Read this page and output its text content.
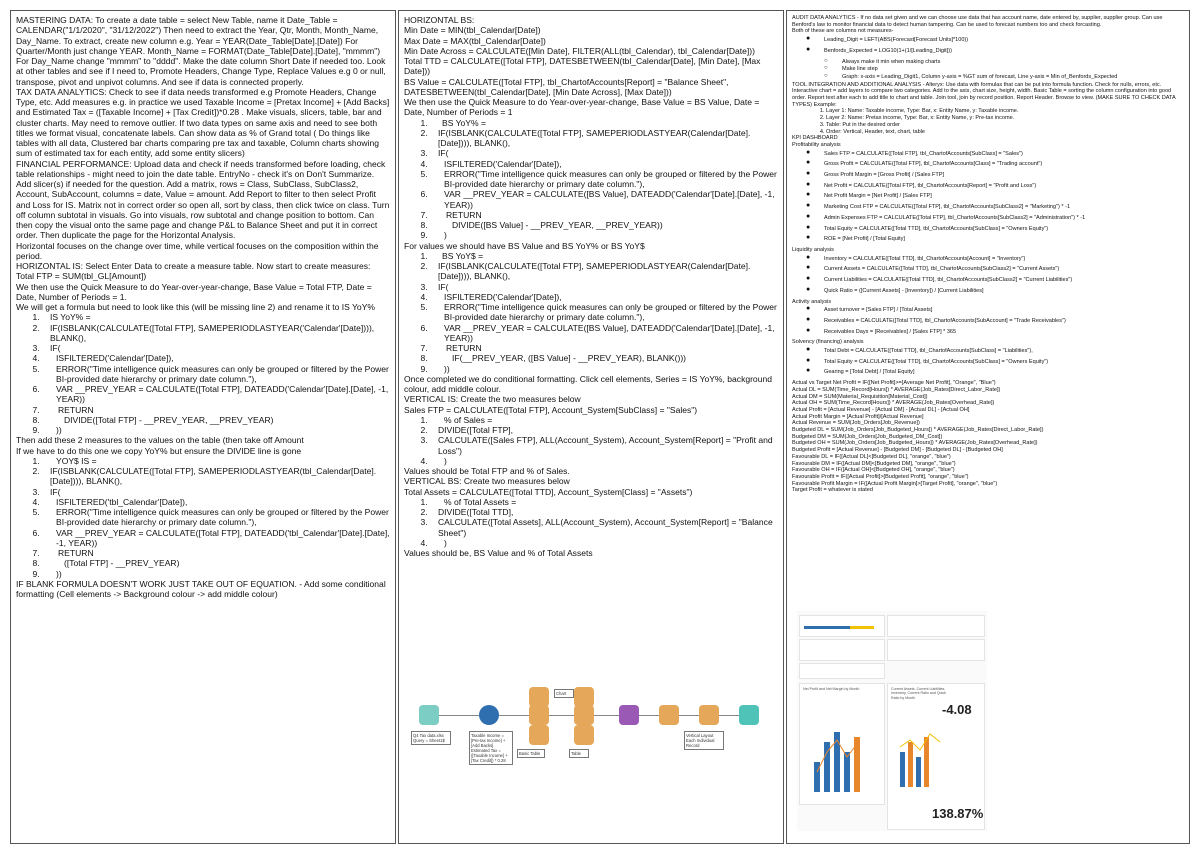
MASTERING DATA: To create a date table = select New Table, name it Date_Table = CALENDAR("1/1/2020", "31/12/2022") Then need to extract the Year, Qtr, Month, Month_Name, Day_Name. To extract, create new column e.g. Year = YEAR(Date_Table[Date].[Date]) For Quarter/Month just change YEAR. Month_Name = FORMAT(Date_Table[Date].[Date], "mmmm")

For Day_Name change "mmmm" to "dddd". Make the date column Short Date if needed too. Look at other tables and see if I need to, Promote Headers, Change Type, Replace Values e.g 0 or null, transpose, pivot and unpivot columns. And see if data is connected properly.

TAX DATA ANALYTICS: Check to see if data needs transformed e.g Promote Headers, Change Type, etc. Add measures e.g. in practice we used Taxable Income = [Pretax Income] + [Add Backs] and Estimated Tax = ([Taxable Income] + [Tax Credit])*0.28 . Make visuals, slicers, table, bar and cluster charts. May need to remove outlier. If two data types on same axis and need to see both titles we format visual, concatenate labels. Can show data as % of Grand total ( Do things like tables with all data, Clustered bar charts comparing pre tax and taxable, Column charts showing sum of estimated tax for each entity, add some entity slicers)

FINANCIAL PERFORMANCE: Upload data and check if needs transformed before loading, check table relationships - might need to join the date table. EntryNo - check it's on Don't Summarize. Add slicer(s) if needed for the question. Add a matrix, rows = Class, SubClass, SubClass2, Account, SubAccount, columns = date, Value = amount. Add Report to filter to then select Profit and Loss for IS. Matrix not in correct order so open all, sort by class, then click twice on class. Turn off column subtotal in visuals. Go into visuals, row subtotal and change position to bottom. Can then copy the visual onto the same page and change P&L to Balance Sheet and put it in correct order. Then duplicate the page for the Horizontal Analysis.

Horizontal focuses on the change over time, while vertical focuses on the composition within the period.

HORIZONTAL IS: Select Enter Data to create a measure table. Now start to create measures:

Total FTP = SUM(tbl_GL[Amount])

We then use the Quick Measure to do Year-over-year-change, Base Value = Total FTP, Date = Date, Number of Periods = 1.

We will get a formula but need to look like this (will be missing line 2) and rename it to IS YoY%

1. IS YoY% =
2. IF(ISBLANK(CALCULATE([Total FTP], SAMEPERIODLASTYEAR('Calendar'[Date]))), BLANK(),
3. IF(
4. ISFILTERED('Calendar'[Date]),
5. ERROR("Time intelligence quick measures can only be grouped or filtered by the Power BI-provided date hierarchy or primary date column."),
6. VAR __PREV_YEAR = CALCULATE([Total FTP], DATEADD('Calendar'[Date].[Date], -1, YEAR))
7. RETURN
8. DIVIDE([Total FTP] - __PREV_YEAR, __PREV_YEAR)
9. ))

Then add these 2 measures to the values on the table (then take off Amount

If we have to do this one we copy YoY% but ensure the DIVIDE line is gone

1. YOY$ IS =
2. IF(ISBLANK(CALCULATE([Total FTP], SAMEPERIODLASTYEAR(tbl_Calendar[Date].[Date]))), BLANK(),
3. IF(
4. ISFILTERED('tbl_Calendar'[Date]),
5. ERROR("Time intelligence quick measures can only be grouped or filtered by the Power BI-provided date hierarchy or primary date column."),
6. VAR __PREV_YEAR = CALCULATE([Total FTP], DATEADD('tbl_Calendar'[Date].[Date], -1, YEAR))
7. RETURN
8. ([Total FTP] - __PREV_YEAR)
9. ))

IF BLANK FORMULA DOESN'T WORK JUST TAKE OUT OF EQUATION. - Add some conditional formatting (Cell elements -> Background colour -> add middle colour)

HORIZONTAL BS:

Min Date = MIN(tbl_Calendar[Date])

Max Date = MAX(tbl_Calendar[Date])

Min Date Across = CALCULATE([Min Date], FILTER(ALL(tbl_Calendar), tbl_Calendar[Date]))

Total TTD = CALCULATE([Total FTP], DATESBETWEEN(tbl_Calendar[Date], [Min Date], [Max Date]))

BS Value = CALCULATE([Total FTP], tbl_ChartofAccounts[Report] = "Balance Sheet", DATESBETWEEN(tbl_Calendar[Date], [Min Date Across], [Max Date]))

We then use the Quick Measure to do Year-over-year-change, Base Value = BS Value, Date = Date, Number of Periods = 1

1. BS YoY% =
2. IF(ISBLANK(CALCULATE([Total FTP], SAMEPERIODLASTYEAR(Calendar[Date].[Date]))), BLANK(),
3. IF(
4. ISFILTERED('Calendar'[Date]),
5. ERROR("Time intelligence quick measures can only be grouped or filtered by the Power BI-provided date hierarchy or primary date column."),
6. VAR __PREV_YEAR = CALCULATE([BS Value], DATEADD('Calendar'[Date].[Date], -1, YEAR))
7. RETURN
8. DIVIDE([BS Value] - __PREV_YEAR, __PREV_YEAR))
9. )

For values we should have BS Value and BS YoY% or BS YoY$

1. BS YoY$ =
2. IF(ISBLANK(CALCULATE([Total FTP], SAMEPERIODLASTYEAR(Calendar[Date].[Date]))), BLANK(),
3. IF(
4. ISFILTERED('Calendar'[Date]),
5. ERROR("Time intelligence quick measures can only be grouped or filtered by the Power BI-provided date hierarchy or primary date column."),
6. VAR __PREV_YEAR = CALCULATE([BS Value], DATEADD('Calendar'[Date].[Date], -1, YEAR))
7. RETURN
8. IF(__PREV_YEAR, ([BS Value] - __PREV_YEAR), BLANK()))
9. ))

Once completed we do conditional formatting. Click cell elements, Series = IS YoY%, background colour, add middle colour.

VERTICAL IS: Create the two measures below

Sales FTP = CALCULATE([Total FTP], Account_System[SubClass] = "Sales")

1. % of Sales =
2. DIVIDE([Total FTP],
3. CALCULATE([Sales FTP], ALL(Account_System), Account_System[Report] = "Profit and Loss")
4. )

Values should be Total FTP and % of Sales.

VERTICAL BS: Create two measures below

Total Assets = CALCULATE([Total TTD], Account_System[Class] = "Assets")

1. % of Total Assets =
2. DIVIDE([Total TTD],
3. CALCULATE([Total Assets], ALL(Account_System), Account_System[Report] = "Balance Sheet")
4. )

Values should be, BS Value and % of Total Assets

Q4 Tax data.xlsx Query = Sheet1$
Taxable Income = [Pre-tax Income] + [Add Backs] Estimated Tax = ([Taxable Income] + [Tax Credit]) * 0.28
Basic Table
Chart
Table
Vertical Layout Each Individual Record

AUDIT DATA ANALYTICS - If no data set given and we can choose use data that has account name, date entered by, supplier, supplier group. Can use Benford's law to monitor financial data to detect human tampering. Can be used to forecast numbers too and check forcasting.

Both of these are columns not measures-

● Leading_Digit = LEFT(ABS(Forecast[Forecast Units]*100))
● Benfords_Expected = LOG10(1+(1/[Leading_Digit]))
○ Always make it min when making charts
○ Make line step
○ Graph: x-axis = Leading_Digit1, Column y-axis = %GT sum of forecast, Line y-axis = Min of_Benfords_Expected

TOOL INTEGRATION AND ADDITIONAL ANALYSIS - Alteryx: Use data with formulas that can be put into formula function. Check for nulls, errors, etc. Interactive chart = add layers to compare two categories. Add to the axis, chart size, height, width. Basic Table = sorting the column configuration into good order. Report text after each to add title to chart and table. Join tool, join by record position. Report Header. Browse to view. (MAKE SURE TO CHECK DATA TYPES) Example:

1. Layer 1: Name: Taxable income, Type: Bar, x: Entity Name, y: Taxable income.
2. Layer 2: Name: Pretax income, Type: Bar, x: Entity Name, y: Pre-tax income.
3. Table: Put in the desired order
4. Order: Vertical, Header, text, chart, table

KPI DASHBOARD

Profitability analysis

● Sales FTP = CALCULATE([Total FTP], tbl_ChartofAccounts[SubClass] = "Sales")
● Gross Profit = CALCULATE([Total FTP], tbl_ChartofAccounts[Class] = "Trading account")
● Gross Profit Margin = [Gross Profit] / [Sales FTP]
● Net Profit = CALCULATE([Total FTP], tbl_ChartofAccounts[Report] = "Profit and Loss")
● Net Profit Margin = [Net Profit] / [Sales FTP]
● Marketing Cost FTP = CALCULATE([Total FTP], tbl_ChartofAccounts[SubClass2] = "Marketing") * -1
● Admin Expenses FTP = CALCULATE([Total FTP], tbl_ChartofAccounts[SubClass2] = "Administration") * -1
● Total Equity = CALCULATE([Total TTD], tbl_ChartofAccounts[SubClass] = "Owners Equity")
● ROE = [Net Profit] / [Total Equity]

Liquidity analysis

● Inventory = CALCULATE([Total TTD], tbl_ChartofAccounts[Account] = "Inventory")
● Current Assets = CALCULATE([Total TTD], tbl_ChartofAccounts[SubClass2] = "Current Assets")
● Current Liabilities = CALCULATE([Total TTD], tbl_ChartofAccounts[SubClass2] = "Current Liabilities")
● Quick Ratio = ([Current Assets] - [Inventory]) / [Current Liabilities]

Activity analysis

● Asset turnover = [Sales FTP] / [Total Assets]
● Receivables = CALCULATE([Total TTD], tbl_ChartofAccounts[SubAccount] = "Trade Receivables")
● Receivables Days = [Receivables] / [Sales FTP] * 365

Solvency (financing) analysis

● Total Debt = CALCULATE([Total TTD], tbl_ChartofAccounts[SubClass] = "Liabilities"),
● Total Equity = CALCULATE([Total TTD], tbl_ChartofAccounts[SubClass] = "Owners Equity")
● Gearing = [Total Debt] / [Total Equity]

Actual vs Target Net Profit = IF([Net Profit]>=[Average Net Profit], "Orange", "Blue")

Actual DL = SUM(Time_Record[Hours]) * AVERAGE(Job_Rates[Direct_Labor_Rate])

Actual DM = SUM(Material_Requisition[Material_Cost])

Actual OH = SUM(Time_Record[Hours]) * AVERAGE(Job_Rates[Overhead_Rate])

Actual Profit = [Actual Revenue] - [Actual DM] - [Actual DL] - [Actual OH]

Actual Profit Margin = [Actual Profit]/[Actual Revenue]

Actual Revenue = SUM(Job_Orders[Job_Revenue])

Budgeted DL = SUM(Job_Orders[Job_Budgeted_Hours]) * AVERAGE(Job_Rates[Direct_Labor_Rate])

Budgeted DM = SUM(Job_Orders[Job_Budgeted_DM_Cost])

Budgeted OH = SUM(Job_Orders[Job_Budgeted_Hours]) * AVERAGE(Job_Rates[Overhead_Rate])

Budgeted Profit = [Actual Revenue] - [Budgeted DM] - [Budgeted DL] - [Budgeted OH]

Favourable DL = IF([Actual DL]<[Budgeted DL], "orange", "blue")

Favourable DM = IF([Actual DM]<[Budgeted DM], "orange", "blue")

Favourable OH = IF([Actual OH]<[Budgeted OH], "orange", "blue")

Favourable Profit = IF([Actual Profit]>[Budgeted Profit], "orange", "blue")

Favourable Profit Margin = IF([Actual Profit Margin]>[Target Profit], "orange", "blue")

Target Profit = whatever is stated

Net Profit and Net Margin by Month	Current Assets, Current Liabilities, Inventory, Current Ratio and Quick Ratio by Month
-4.08
138.87%
